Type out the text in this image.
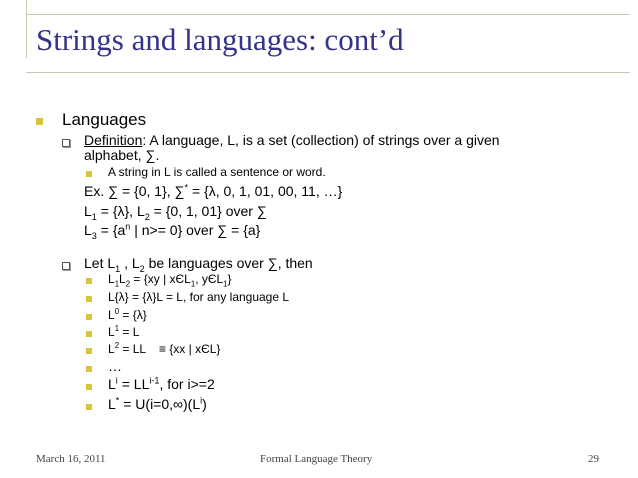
Strings and languages: cont’d
Languages
Definition: A language, L, is a set (collection) of strings over a given
alphabet, ∑.
A string in L is called a sentence or word.
Ex. ∑ = {0, 1}, ∑* = {λ, 0, 1, 01, 00, 11, …}
$L_1 = \{\lambda\}$, $L_2 = \{0$, 1, 01} over ∑
$L_3 = \{a^n$ | n>= 0} over ∑ = {a}
Let $L_1$ , $L_2$ be languages over ∑, then
$L_1L_2 = \{xy$ | xЄL$_1$, yЄL$_1$}
L{λ} = {λ}L = L, for any language L
$L^0 = \{\lambda\}$
$L^1 = L$
$L^2$ = LL    ≡ {xx | xЄL}
…
$L^i = LL^{i-1}$, for i>=2
$L^* = U(i=0,\infty)(L^i)$
March 16, 2011	Formal Language Theory	29
